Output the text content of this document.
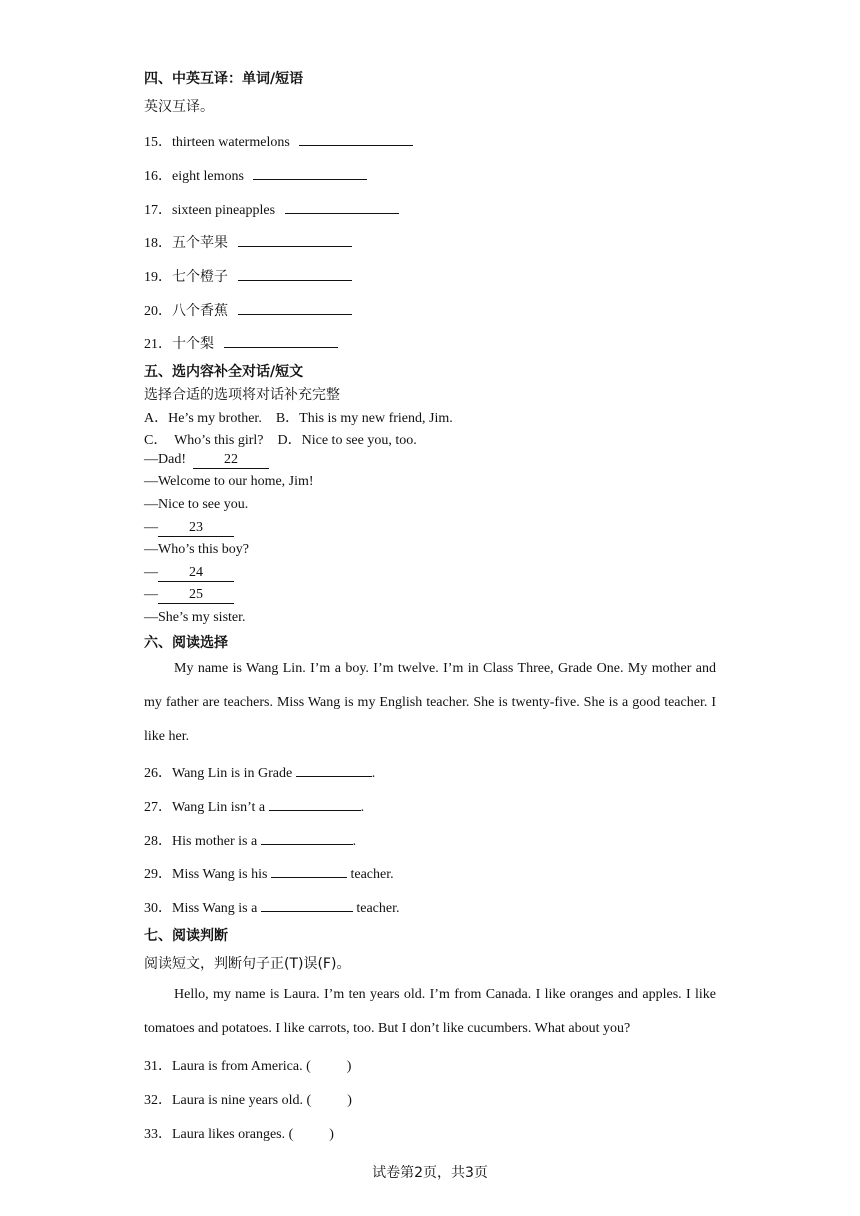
四、中英互译：单词/短语
英汉互译。
15．thirteen watermelons
16．eight lemons
17．sixteen pineapples
18．五个苹果
19．七个橙子
20．八个香蕉
21．十个梨
五、选内容补全对话/短文
选择合适的选项将对话补充完整
A．He’s my brother.    B．This is my new friend, Jim.
C．  Who’s this girl?    D．Nice to see you, too.
—Dad!  22
—Welcome to our home, Jim!
—Nice to see you.
— 23
—Who’s this boy?
— 24
— 25
—She’s my sister.
六、阅读选择
My name is Wang Lin. I’m a boy. I’m twelve. I’m in Class Three, Grade One. My mother and my father are teachers. Miss Wang is my English teacher. She is twenty-five. She is a good teacher. I like her.
26．Wang Lin is in Grade	.
27．Wang Lin isn’t a	.
28．His mother is a	.
29．Miss Wang is his	teacher.
30．Miss Wang is a	teacher.
七、阅读判断
阅读短文，判断句子正(T)误(F)。
Hello, my name is Laura. I’m ten years old. I’m from Canada. I like oranges and apples. I like tomatoes and potatoes. I like carrots, too. But I don’t like cucumbers. What about you?
31．Laura is from America. (	)
32．Laura is nine years old. (	)
33．Laura likes oranges. (	)
试卷第2页，共3页
